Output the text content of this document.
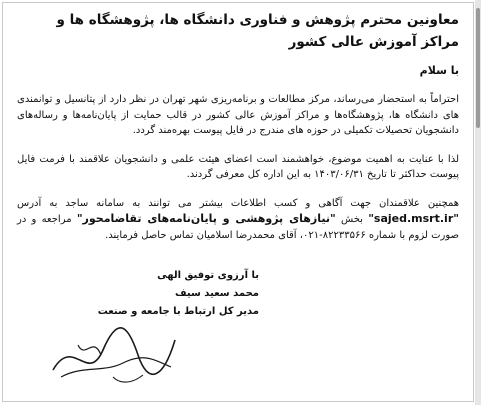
معاونین محترم پژوهش و فناوری دانشگاه ها، پژوهشگاه ها و مراکز آموزش عالی کشور

با سلام
احتراماً به استحضار می‌رساند، مرکز مطالعات و برنامه‌ریزی شهر تهران در نظر دارد از پتانسیل و توانمندی های دانشگاه ها، پژوهشگاه‌ها و مراکز آموزش عالی کشور در قالب حمایت از پایان‌نامه‌ها و رساله‌های دانشجویان تحصیلات تکمیلی در حوزه های مندرج در فایل پیوست بهره‌مند گردد.
لذا با عنایت به اهمیت موضوع، خواهشمند است اعضای هیئت علمی و دانشجویان علاقمند با فرمت فایل پیوست حداکثر تا تاریخ ۱۴۰۳/۰۶/۳۱ به این اداره کل معرفی گردند.
همچنین علاقمندان جهت آگاهی و کسب اطلاعات بیشتر می توانند به سامانه ساجد به آدرس "sajed.msrt.ir" بخش "نیازهای پژوهشی و پایان‌نامه‌های تقاضامحور" مراجعه و در صورت لزوم با شماره ۸۲۲۳۳۵۶۶-۰۲۱، آقای محمدرضا اسلامیان تماس حاصل فرمایند.
با آرزوی توفیق الهی
محمد سعید سیف
مدیر کل ارتباط با جامعه و صنعت
